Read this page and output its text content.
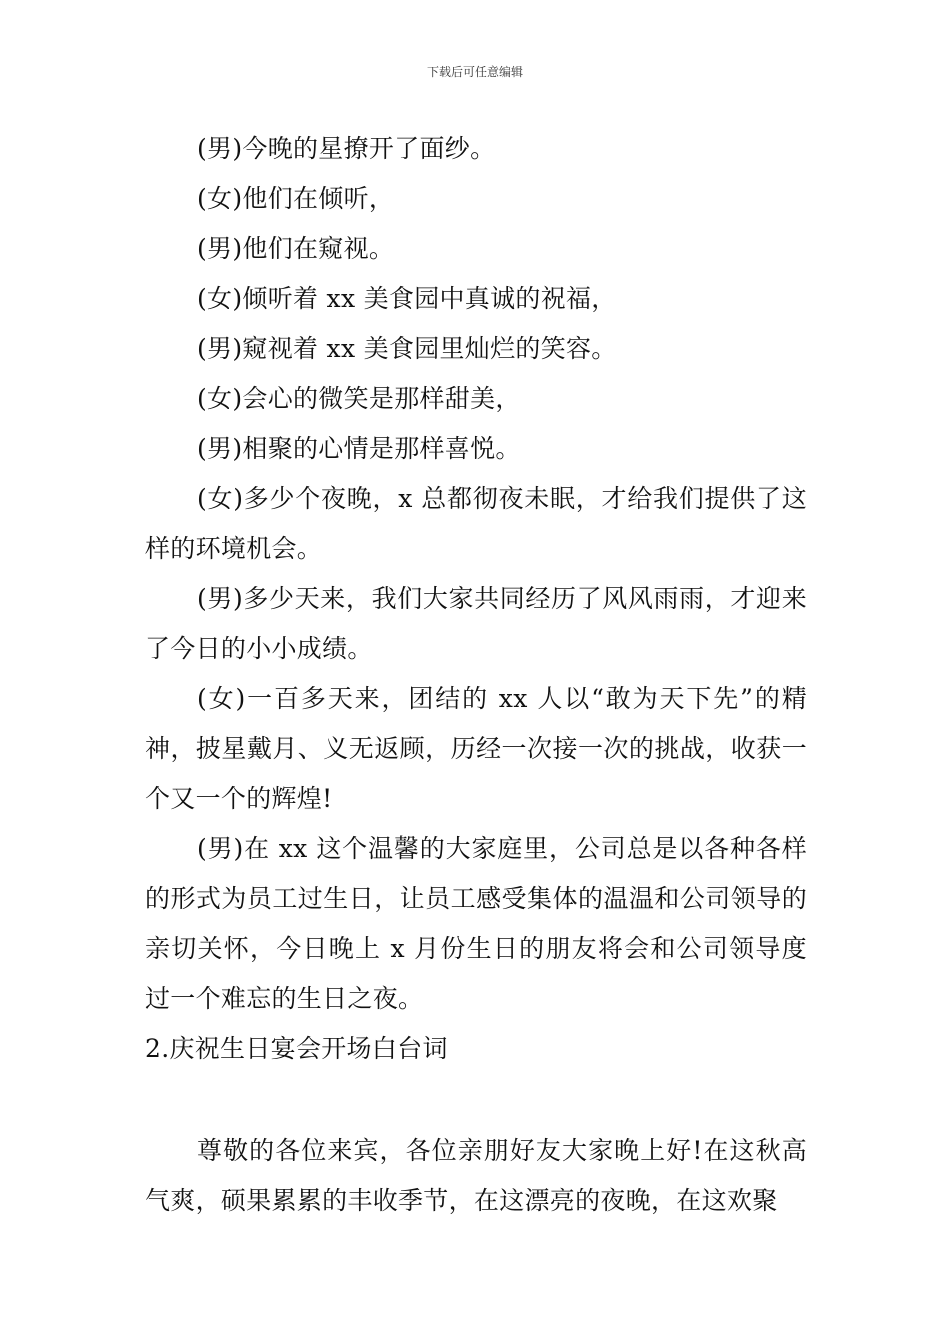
下载后可任意编辑

(男)今晚的星撩开了面纱。

(女)他们在倾听，

(男)他们在窥视。

(女)倾听着 xx 美食园中真诚的祝福，

(男)窥视着 xx 美食园里灿烂的笑容。

(女)会心的微笑是那样甜美，

(男)相聚的心情是那样喜悦。

(女)多少个夜晚，x 总都彻夜未眠，才给我们提供了这样的环境机会。

(男)多少天来，我们大家共同经历了风风雨雨，才迎来了今日的小小成绩。

(女)一百多天来，团结的 xx 人以“敢为天下先”的精神，披星戴月、义无返顾，历经一次接一次的挑战，收获一个又一个的辉煌!

(男)在 xx 这个温馨的大家庭里，公司总是以各种各样的形式为员工过生日，让员工感受集体的温温和公司领导的亲切关怀，今日晚上 x 月份生日的朋友将会和公司领导度过一个难忘的生日之夜。

2.庆祝生日宴会开场白台词

尊敬的各位来宾，各位亲朋好友大家晚上好!在这秋高气爽，硕果累累的丰收季节，在这漂亮的夜晚，在这欢聚
